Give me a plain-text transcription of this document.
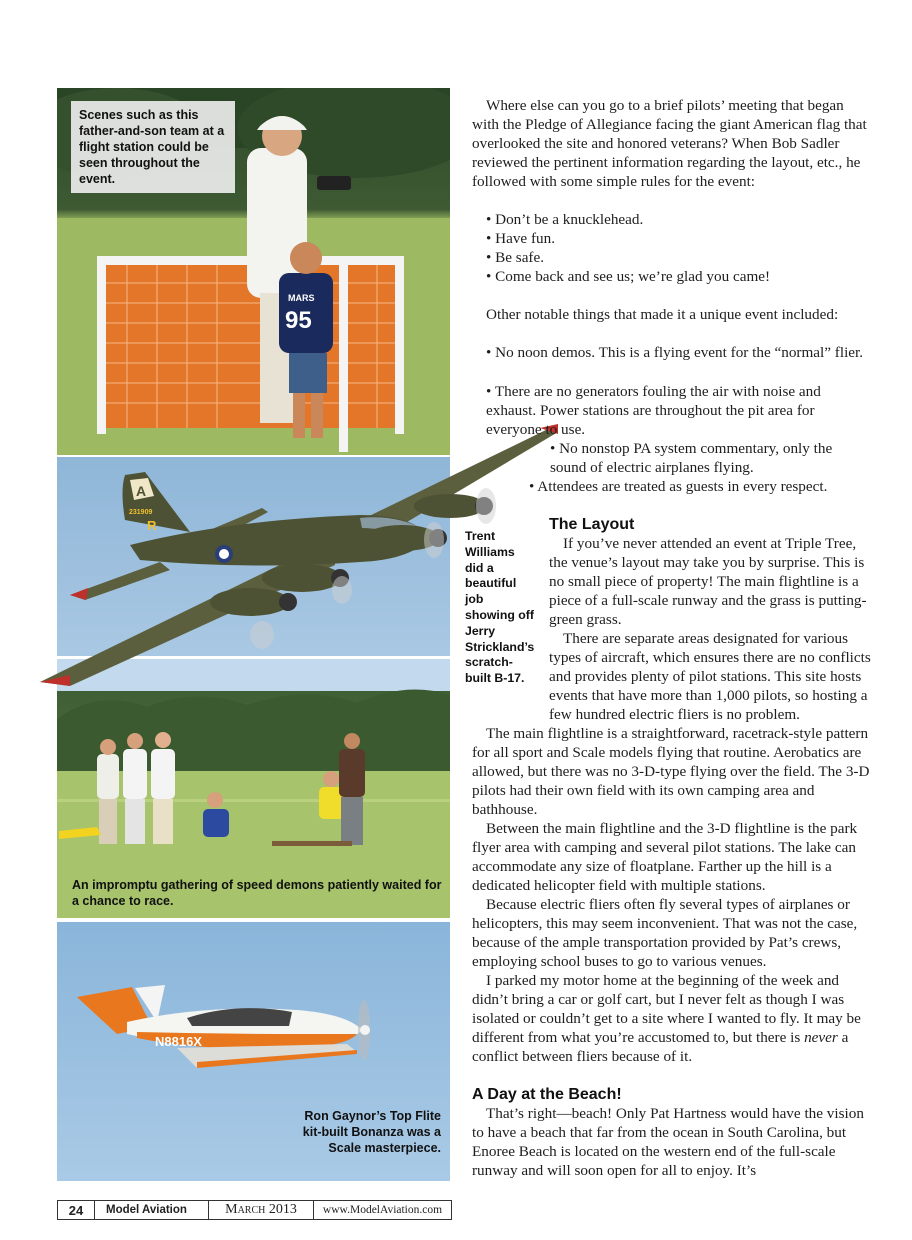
MARS
95
Scenes such as this father-and-son team at a flight station could be seen throughout the event.
An impromptu gathering of speed demons patiently waited for a chance to race.
N8816X
Ron Gaynor’s Top Flite kit-built Bonanza was a Scale masterpiece.
A
231909
R
Trent Williams did a beautiful job showing off Jerry Strickland’s scratch-built B-17.

Where else can you go to a brief pilots’ meeting that began with the Pledge of Allegiance facing the giant American flag that overlooked the site and honored veterans? When Bob Sadler reviewed the pertinent information regarding the layout, etc., he followed with some simple rules for the event:

• Don’t be a knucklehead.

• Have fun.

• Be safe.

• Come back and see us; we’re glad you came!

Other notable things that made it a unique event included:

• No noon demos. This is a flying event for the “normal” flier.

• There are no generators fouling the air with noise and exhaust. Power stations are throughout the pit area for everyone to use.
• No nonstop PA system commentary, only the sound of electric airplanes flying.
• Attendees are treated as guests in every respect.
The Layout

If you’ve never attended an event at Triple Tree, the venue’s layout may take you by surprise. This is no small piece of property! The main flightline is a piece of a full-scale runway and the grass is putting-green grass.

There are separate areas designated for various types of aircraft, which ensures there are no conflicts and provides plenty of pilot stations. This site hosts events that have more than 1,000 pilots, so hosting a few hundred electric fliers is no problem.

The main flightline is a straightforward, racetrack-style pattern for all sport and Scale models flying that routine. Aerobatics are allowed, but there was no 3-D-type flying over the field. The 3-D pilots had their own field with its own camping area and bathhouse.

Between the main flightline and the 3-D flightline is the park flyer area with camping and several pilot stations. The lake can accommodate any size of floatplane. Farther up the hill is a dedicated helicopter field with multiple stations.

Because electric fliers often fly several types of airplanes or helicopters, this may seem inconvenient. That was not the case, because of the ample transportation provided by Pat’s crews, employing school buses to go to various venues.

I parked my motor home at the beginning of the week and didn’t bring a car or golf cart, but I never felt as though I was isolated or couldn’t get to a site where I wanted to fly. It may be different from what you’re accustomed to, but there is never a conflict between fliers because of it.

A Day at the Beach!

That’s right—beach! Only Pat Hartness would have the vision to have a beach that far from the ocean in South Carolina, but Enoree Beach is located on the western end of the full-scale runway and will soon open for all to enjoy. It’s

24	Model Aviation	March 2013	www.ModelAviation.com
